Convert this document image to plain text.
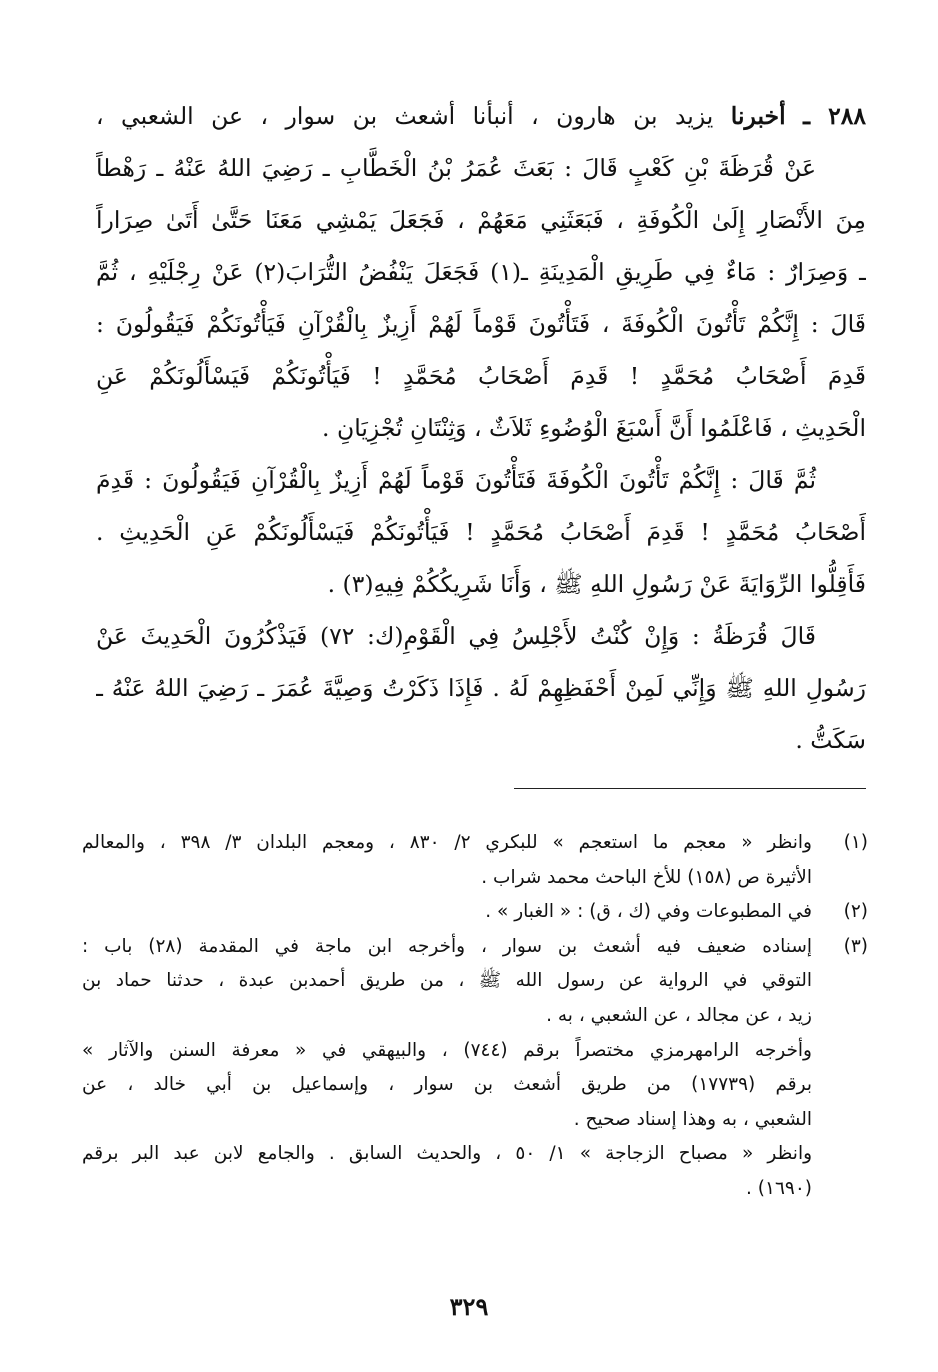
٢٨٨ ـ أخبرنا يزيد بن هارون ، أنبأنا أشعث بن سوار ، عن الشعبي ،
عَنْ قُرَظَةَ بْنِ كَعْبٍ قَالَ : بَعَثَ عُمَرُ بْنُ الْخَطَّابِ ـ رَضِيَ اللهُ عَنْهُ ـ رَهْطاً
مِنَ الأَنْصَارِ إِلَىٰ الْكُوفَةِ ، فَبَعَثَنِي مَعَهُمْ ، فَجَعَلَ يَمْشِي مَعَنَا حَتَّىٰ أَتَىٰ صِرَاراً
ـ وَصِرَارٌ : مَاءٌ فِي طَرِيقِ الْمَدِينَةِ ـ(١) فَجَعَلَ يَنْفُضُ التُّرَابَ(٢) عَنْ رِجْلَيْهِ ، ثُمَّ
قَالَ : إِنَّكُمْ تَأْتُونَ الْكُوفَةَ ، فَتَأْتُونَ قَوْماً لَهُمْ أَزِيزٌ بِالْقُرْآنِ فَيَأْتُونَكُمْ فَيَقُولُونَ :
قَدِمَ أَصْحَابُ مُحَمَّدٍ ! قَدِمَ أَصْحَابُ مُحَمَّدٍ ! فَيَأْتُونَكُمْ فَيَسْأَلُونَكُمْ عَنِ
الْحَدِيثِ ، فَاعْلَمُوا أَنَّ أَسْبَغَ الْوُضُوءِ ثَلاَثٌ ، وَثِنْتَانِ تُجْزِيَانِ .
ثُمَّ قَالَ : إِنَّكُمْ تَأْتُونَ الْكُوفَةَ فَتَأْتُونَ قَوْماً لَهُمْ أَزِيزٌ بِالْقُرْآنِ فَيَقُولُونَ : قَدِمَ
أَصْحَابُ مُحَمَّدٍ ! قَدِمَ أَصْحَابُ مُحَمَّدٍ ! فَيَأْتُونَكُمْ فَيَسْأَلُونَكُمْ عَنِ الْحَدِيثِ .
فَأَقِلُّوا الرِّوَايَةَ عَنْ رَسُولِ اللهِ ﷺ ، وَأَنَا شَرِيكُكُمْ فِيهِ(٣) .
قَالَ قُرَظَةُ : وَإِنْ كُنْتُ لأَجْلِسُ فِي الْقَوْمِ(ك: ٧٢) فَيَذْكُرُونَ الْحَدِيثَ عَنْ
رَسُولِ اللهِ ﷺ وَإِنِّي لَمِنْ أَحْفَظِهِمْ لَهُ . فَإِذَا ذَكَرْتُ وَصِيَّةَ عُمَرَ ـ رَضِيَ اللهُ عَنْهُ ـ
سَكَتُّ .
(١)
وانظر « معجم ما استعجم » للبكري ٢/ ٨٣٠ ، ومعجم البلدان ٣/ ٣٩٨ ، والمعالم
الأثيرة ص (١٥٨) للأخ الباحث محمد شراب .
(٢)
في المطبوعات وفي (ك ، ق) : « الغبار » .
(٣)
إسناده ضعيف فيه أشعث بن سوار ، وأخرجه ابن ماجة في المقدمة (٢٨) باب :
التوقي في الرواية عن رسول الله ﷺ ، من طريق أحمدبن عبدة ، حدثنا حماد بن
زيد ، عن مجالد ، عن الشعبي ، به .
وأخرجه الرامهرمزي مختصراً برقم (٧٤٤) ، والبيهقي في « معرفة السنن والآثار »
برقم (١٧٧٣٩) من طريق أشعث بن سوار ، وإسماعيل بن أبي خالد ، عن
الشعبي ، به وهذا إسناد صحيح .
وانظر « مصباح الزجاجة » ١/ ٥٠ ، والحديث السابق . والجامع لابن عبد البر برقم
(١٦٩٠) .
٣٢٩
